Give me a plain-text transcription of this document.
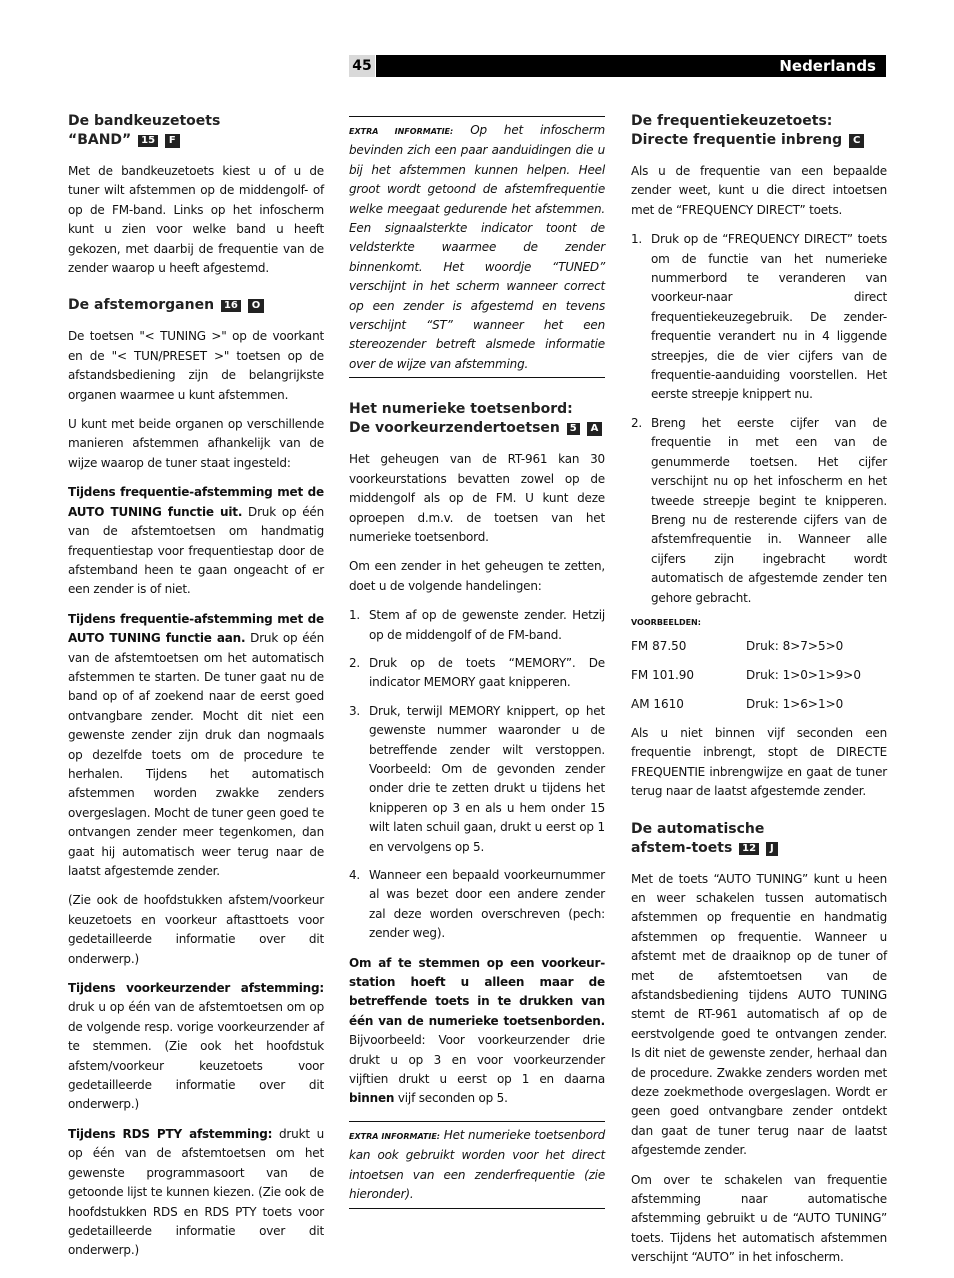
45	Nederlands
De bandkeuzetoets
“BAND” 15 F

Met de bandkeuzetoets kiest u of u de tuner wilt afstemmen op de middengolf- of op de FM-band. Links op het infoscherm kunt u zien voor welke band u heeft gekozen, met daarbij de frequentie van de zender waarop u heeft afgestemd.

De afstemorganen 16 O

De toetsen "< TUNING >" op de voorkant en de "< TUN/PRESET >" toetsen op de afstandsbediening zijn de belangrijkste organen waarmee u kunt afstemmen.

U kunt met beide organen op verschillende manieren afstemmen afhankelijk van de wijze waarop de tuner staat ingesteld:

Tijdens frequentie-afstemming met de AUTO TUNING functie uit. Druk op één van de afstemtoetsen om handmatig frequentiestap voor frequentiestap door de afstemband heen te gaan ongeacht of er een zender is of niet.

Tijdens frequentie-afstemming met de AUTO TUNING functie aan. Druk op één van de afstemtoetsen om het automatisch afstemmen te starten. De tuner gaat nu de band op of af zoekend naar de eerst goed ontvangbare zender. Mocht dit niet een gewenste zender zijn druk dan nogmaals op dezelfde toets om de procedure te herhalen. Tijdens het automatisch afstemmen worden zwakke zenders overgeslagen. Mocht de tuner geen goed te ontvangen zender meer tegenkomen, dan gaat hij automatisch weer terug naar de laatst afgestemde zender.

(Zie ook de hoofdstukken afstem/voorkeur keuzetoets en voorkeur aftasttoets voor gedetailleerde informatie over dit onderwerp.)

Tijdens voorkeurzender afstemming: druk u op één van de afstemtoetsen om op de volgende resp. vorige voorkeurzender af te stemmen. (Zie ook het hoofdstuk afstem/voorkeur keuzetoets voor gedetailleerde informatie over dit onderwerp.)

Tijdens RDS PTY afstemming: drukt u op één van de afstemtoetsen om het gewenste programmasoort van de getoonde lijst te kunnen kiezen. (Zie ook de hoofdstukken RDS en RDS PTY toets voor gedetailleerde informatie over dit onderwerp.)

EXTRA INFORMATIE: Op het infoscherm bevinden zich een paar aanduidingen die u bij het afstemmen kunnen helpen. Heel groot wordt getoond de afstemfrequentie welke meegaat gedurende het afstemmen. Een signaalsterkte indicator toont de veldsterkte waarmee de zender binnenkomt. Het woordje “TUNED” verschijnt in het scherm wanneer correct op een zender is afgestemd en tevens verschijnt “ST” wanneer het een stereozender betreft alsmede informatie over de wijze van afstemming.
Het numerieke toetsenbord:
De voorkeurzendertoetsen 5 A

Het geheugen van de RT-961 kan 30 voorkeurstations bevatten zowel op de middengolf als op de FM. U kunt deze oproepen d.m.v. de toetsen van het numerieke toetsenbord.

Om een zender in het geheugen te zetten, doet u de volgende handelingen:

1. Stem af op de gewenste zender. Hetzij op de middengolf of de FM-band.
2. Druk op de toets “MEMORY”. De indicator MEMORY gaat knipperen.
3. Druk, terwijl MEMORY knippert, op het gewenste nummer waaronder u de betreffende zender wilt verstoppen. Voorbeeld: Om de gevonden zender onder drie te zetten drukt u tijdens het knipperen op 3 en als u hem onder 15 wilt laten schuil gaan, drukt u eerst op 1 en vervolgens op 5.
4. Wanneer een bepaald voorkeurnummer al was bezet door een andere zender zal deze worden overschreven (pech: zender weg).

Om af te stemmen op een voorkeur-station hoeft u alleen maar de betreffende toets in te drukken van één van de numerieke toetsenborden. Bijvoorbeeld: Voor voorkeurzender drie drukt u op 3 en voor voorkeurzender vijftien drukt u eerst op 1 en daarna binnen vijf seconden op 5.

EXTRA INFORMATIE: Het numerieke toetsenbord kan ook gebruikt worden voor het direct intoetsen van een zenderfrequentie (zie hieronder).
De frequentiekeuzetoets:
Directe frequentie inbreng C

Als u de frequentie van een bepaalde zender weet, kunt u die direct intoetsen met de “FREQUENCY DIRECT” toets.

1. Druk op de “FREQUENCY DIRECT” toets om de functie van het numerieke nummerbord te veranderen van voorkeur-naar direct frequentiekeuzegebruik. De zender-frequentie verandert nu in 4 liggende streepjes, die de vier cijfers van de frequentie-aanduiding voorstellen. Het eerste streepje knippert nu.
2. Breng het eerste cijfer van de frequentie in met een van de genummerde toetsen. Het cijfer verschijnt nu op het infoscherm en het tweede streepje begint te knipperen. Breng nu de resterende cijfers van de afstemfrequentie in. Wanneer alle cijfers zijn ingebracht wordt automatisch de afgestemde zender ten gehore gebracht.
VOORBEELDEN:
FM 87.50	Druk: 8>7>5>0
FM 101.90	Druk: 1>0>1>9>0
AM 1610	Druk: 1>6>1>0

Als u niet binnen vijf seconden een frequentie inbrengt, stopt de DIRECTE FREQUENTIE inbrengwijze en gaat de tuner terug naar de laatst afgestemde zender.

De automatische
afstem-toets 12 J

Met de toets “AUTO TUNING” kunt u heen en weer schakelen tussen automatisch afstemmen op frequentie en handmatig afstemmen op frequentie. Wanneer u afstemt met de draaiknop op de tuner of met de afstemtoetsen van de afstandsbediening tijdens AUTO TUNING stemt de RT-961 automatisch af op de eerstvolgende goed te ontvangen zender. Is dit niet de gewenste zender, herhaal dan de procedure. Zwakke zenders worden met deze zoekmethode overgeslagen. Wordt er geen goed ontvangbare zender ontdekt dan gaat de tuner terug naar de laatst afgestemde zender.

Om over te schakelen van frequentie afstemming naar automatische afstemming gebruikt u de “AUTO TUNING” toets. Tijdens het automatisch afstemmen verschijnt “AUTO” in het infoscherm.
